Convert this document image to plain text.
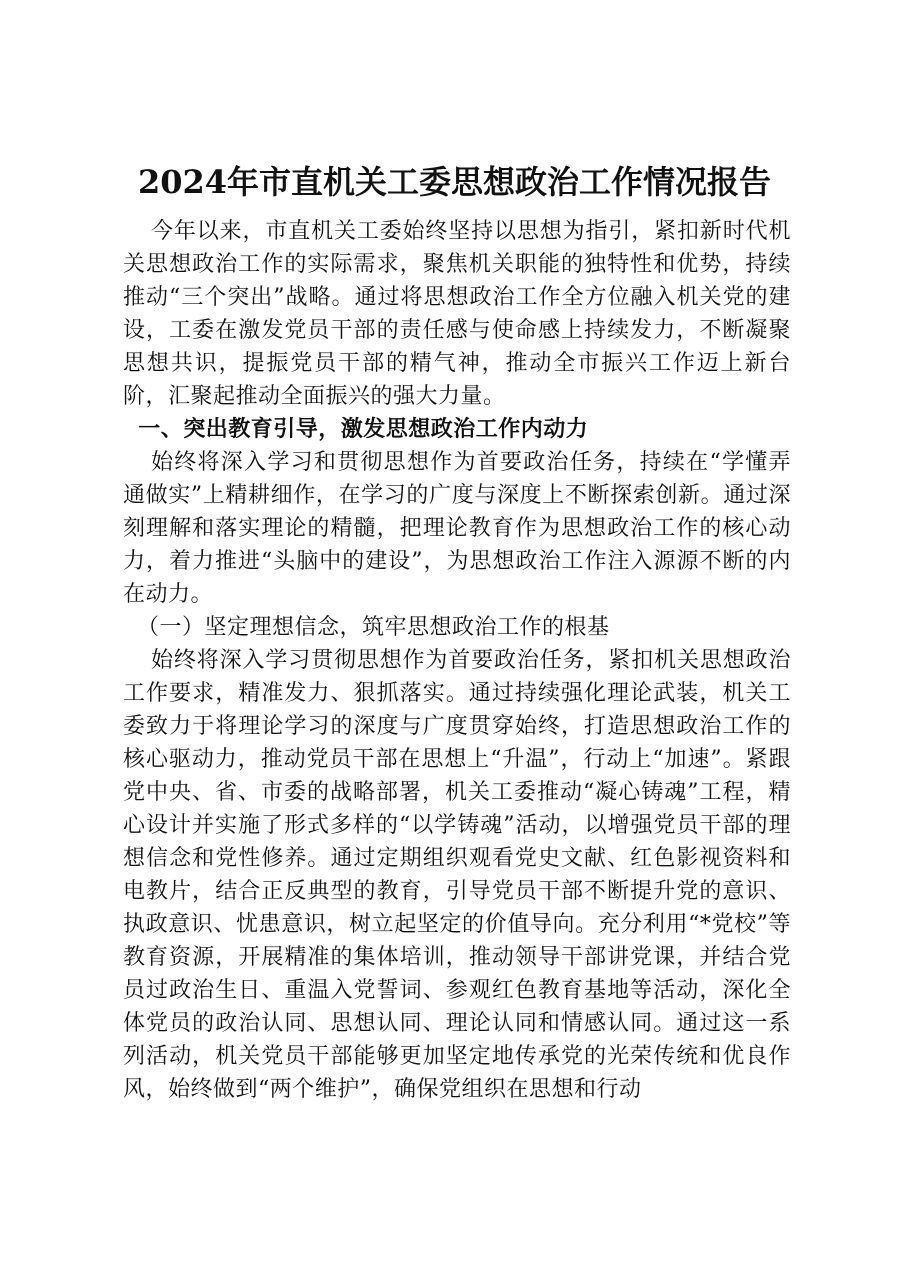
2024年市直机关工委思想政治工作情况报告

今年以来，市直机关工委始终坚持以思想为指引，紧扣新时代机关思想政治工作的实际需求，聚焦机关职能的独特性和优势，持续推动“三个突出”战略。通过将思想政治工作全方位融入机关党的建设，工委在激发党员干部的责任感与使命感上持续发力，不断凝聚思想共识，提振党员干部的精气神，推动全市振兴工作迈上新台阶，汇聚起推动全面振兴的强大力量。

一、突出教育引导，激发思想政治工作内动力

始终将深入学习和贯彻思想作为首要政治任务，持续在“学懂弄通做实”上精耕细作，在学习的广度与深度上不断探索创新。通过深刻理解和落实理论的精髓，把理论教育作为思想政治工作的核心动力，着力推进“头脑中的建设”，为思想政治工作注入源源不断的内在动力。

（一）坚定理想信念，筑牢思想政治工作的根基

始终将深入学习贯彻思想作为首要政治任务，紧扣机关思想政治工作要求，精准发力、狠抓落实。通过持续强化理论武装，机关工委致力于将理论学习的深度与广度贯穿始终，打造思想政治工作的核心驱动力，推动党员干部在思想上“升温”，行动上“加速”。紧跟党中央、省、市委的战略部署，机关工委推动“凝心铸魂”工程，精心设计并实施了形式多样的“以学铸魂”活动，以增强党员干部的理想信念和党性修养。通过定期组织观看党史文献、红色影视资料和电教片，结合正反典型的教育，引导党员干部不断提升党的意识、执政意识、忧患意识，树立起坚定的价值导向。充分利用“*党校”等教育资源，开展精准的集体培训，推动领导干部讲党课，并结合党员过政治生日、重温入党誓词、参观红色教育基地等活动，深化全体党员的政治认同、思想认同、理论认同和情感认同。通过这一系列活动，机关党员干部能够更加坚定地传承党的光荣传统和优良作风，始终做到“两个维护”，确保党组织在思想和行动
